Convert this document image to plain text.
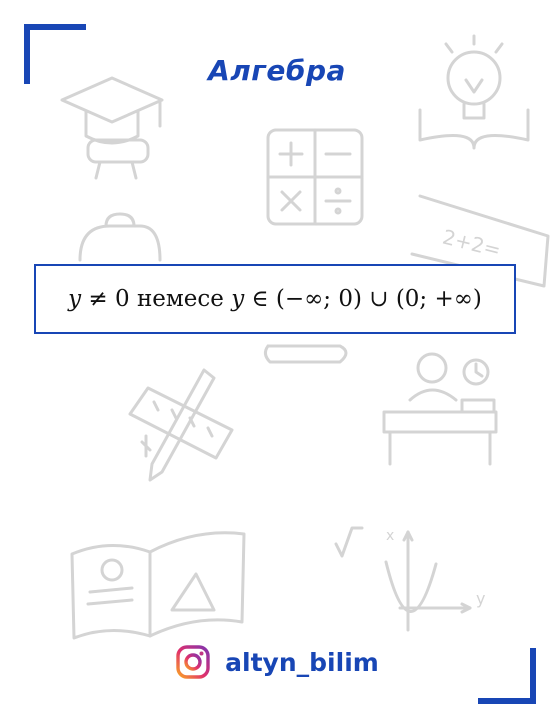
2+2=
y
x
Алгебра
y ≠ 0 немесе y ∈ (−∞; 0) ∪ (0; +∞)
altyn_bilim
